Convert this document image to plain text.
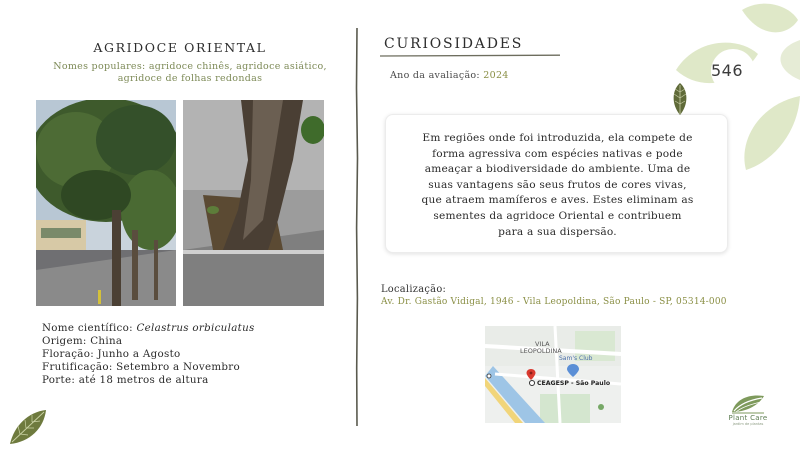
AGRIDOCE ORIENTAL
Nomes populares: agridoce chinês, agridoce asiático,
agridoce de folhas redondas
Nome científico: Celastrus orbiculatus
Origem: China
Floração: Junho a Agosto
Frutificação: Setembro a Novembro
Porte: até 18 metros de altura
CURIOSIDADES
Ano da avaliação: 2024
Em regiões onde foi introduzida, ela compete de
forma agressiva com espécies nativas e pode
ameaçar a biodiversidade do ambiente. Uma de
suas vantagens são seus frutos de cores vivas,
que atraem mamíferos e aves. Estes eliminam as
sementes da agridoce Oriental e contribuem
para a sua dispersão.
Localização:
Av. Dr. Gastão Vidigal, 1946 - Vila Leopoldina, São Paulo - SP, 05314-000
VILA
LEOPOLDINA
Sam's Club
CEAGESP - São Paulo
546
Plant Care
jardim de plantas
